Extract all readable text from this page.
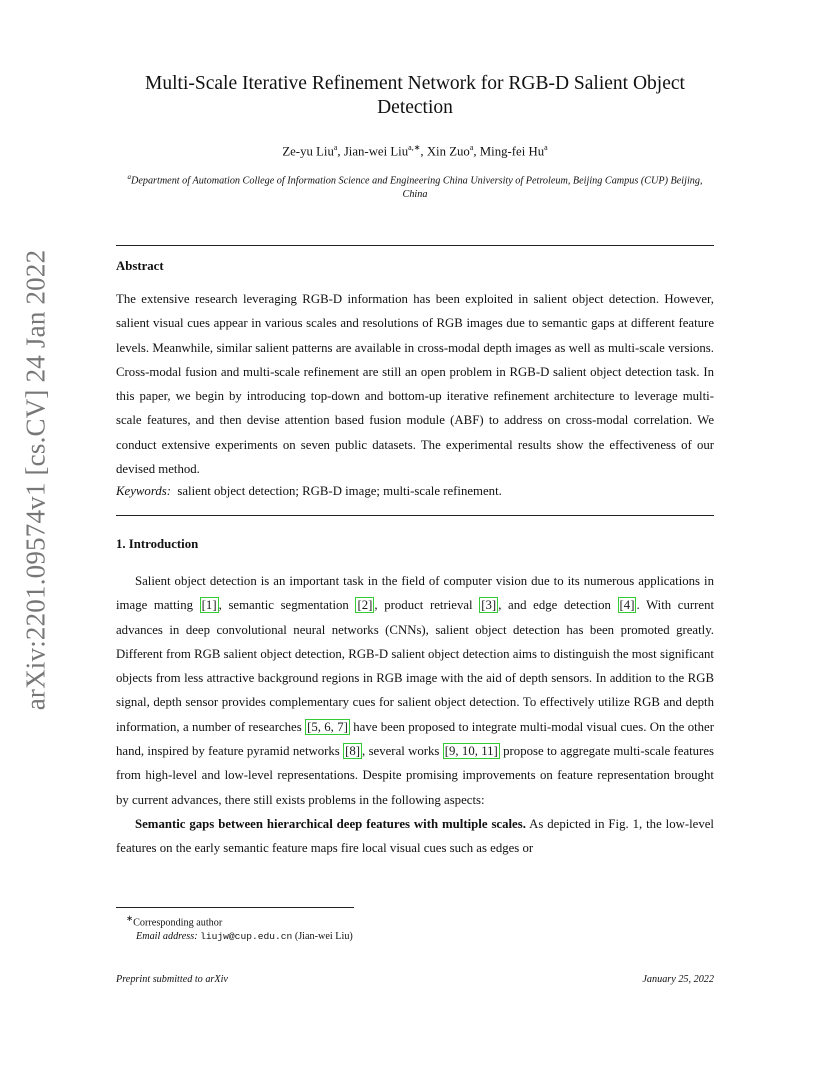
arXiv:2201.09574v1 [cs.CV] 24 Jan 2022
Multi-Scale Iterative Refinement Network for RGB-D Salient Object
Detection
Ze-yu Liu$^a$, Jian-wei Liu$^{a,∗}$, Xin Zuo$^a$, Ming-fei Hu$^a$
$^a$Department of Automation College of Information Science and Engineering China University of Petroleum, Beijing Campus (CUP) Beijing, China
Abstract
The extensive research leveraging RGB-D information has been exploited in salient object detection. However, salient visual cues appear in various scales and resolutions of RGB images due to semantic gaps at different feature levels. Meanwhile, similar salient patterns are available in cross-modal depth images as well as multi-scale versions. Cross-modal fusion and multi-scale refinement are still an open problem in RGB-D salient object detection task. In this paper, we begin by introducing top-down and bottom-up iterative refinement architecture to leverage multi-scale features, and then devise attention based fusion module (ABF) to address on cross-modal correlation. We conduct extensive experiments on seven public datasets. The experimental results show the effectiveness of our devised method.
Keywords: salient object detection; RGB-D image; multi-scale refinement.
1. Introduction

Salient object detection is an important task in the field of computer vision due to its numerous applications in image matting [1] , semantic segmentation [2] , product retrieval [3] , and edge detection [4] . With current advances in deep convolutional neural networks (CNNs), salient object detection has been promoted greatly. Different from RGB salient object detection, RGB-D salient object detection aims to distinguish the most significant objects from less attractive background regions in RGB image with the aid of depth sensors. In addition to the RGB signal, depth sensor provides complementary cues for salient object detection. To effectively utilize RGB and depth information, a number of researches [5, 6, 7] have been proposed to integrate multi-modal visual cues. On the other hand, inspired by feature pyramid networks [8] , several works [9, 10, 11] propose to aggregate multi-scale features from high-level and low-level representations. Despite promising improvements on feature representation brought by current advances, there still exists problems in the following aspects:

Semantic gaps between hierarchical deep features with multiple scales. As depicted in Fig. 1, the low-level features on the early semantic feature maps fire local visual cues such as edges or

∗Corresponding author
Email address: liujw@cup.edu.cn (Jian-wei Liu)
Preprint submitted to arXiv	January 25, 2022
